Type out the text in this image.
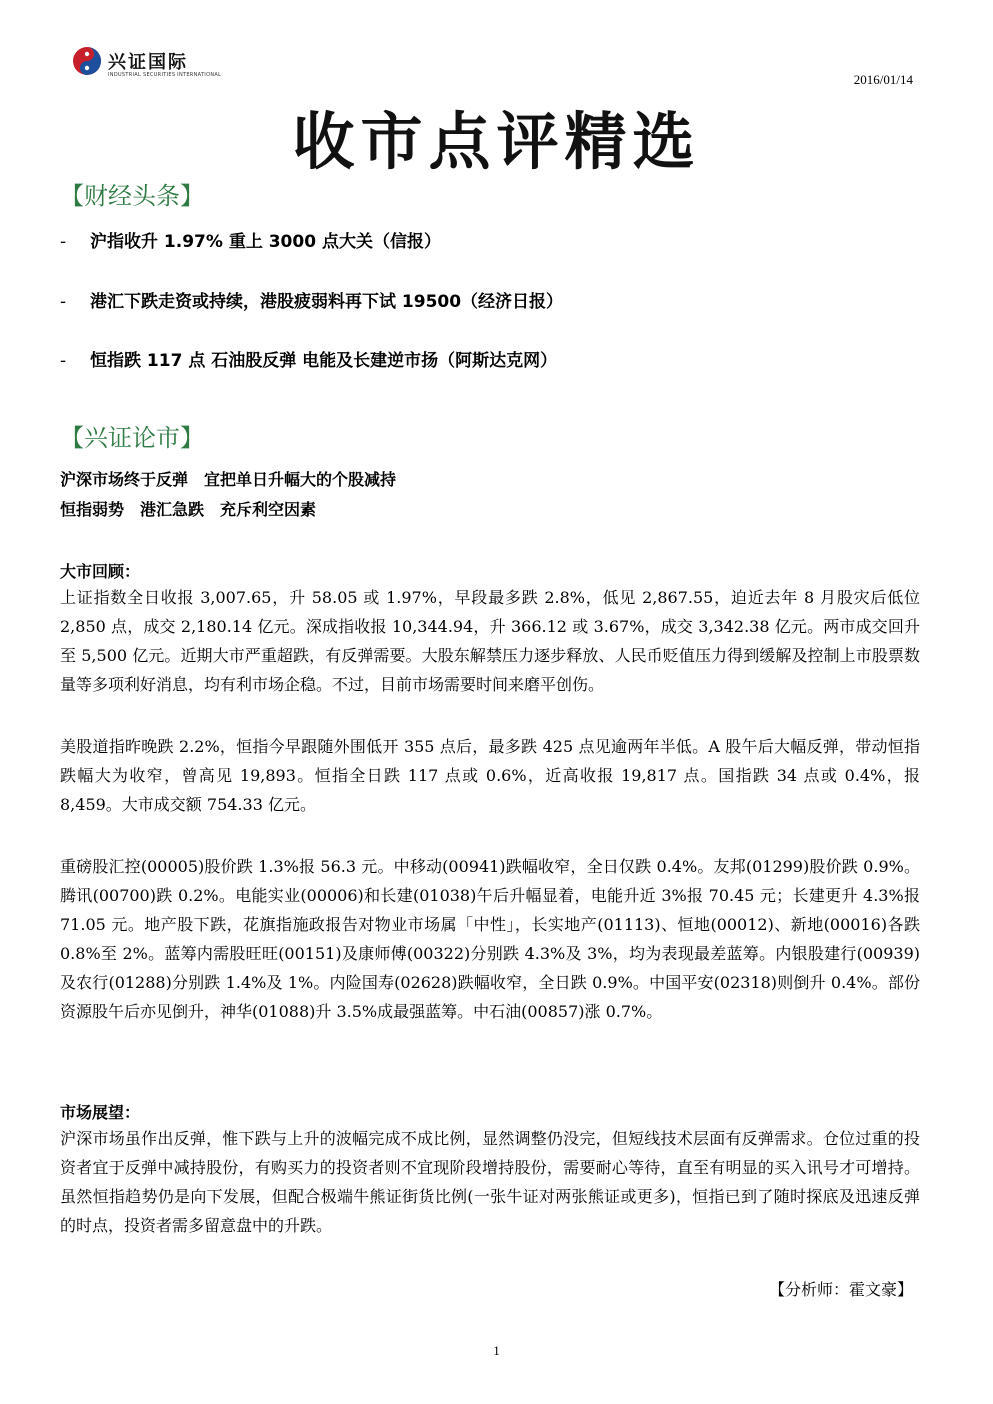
兴证国际
INDUSTRIAL SECURITIES INTERNATIONAL	2016/01/14
收市点评精选
【财经头条】
- 沪指收升 1.97% 重上 3000 点大关（信报）
- 港汇下跌走资或持续，港股疲弱料再下试 19500（经济日报）
- 恒指跌 117 点 石油股反弹 电能及长建逆市扬（阿斯达克网）
【兴证论市】
沪深市场终于反弹　宜把单日升幅大的个股减持
恒指弱势　港汇急跌　充斥利空因素
大市回顾：
上证指数全日收报 3,007.65，升 58.05 或 1.97%，早段最多跌 2.8%，低见 2,867.55，迫近去年 8 月股灾后低位 2,850 点，成交 2,180.14 亿元。深成指收报 10,344.94，升 366.12 或 3.67%，成交 3,342.38 亿元。两市成交回升至 5,500 亿元。近期大市严重超跌，有反弹需要。大股东解禁压力逐步释放、人民币贬值压力得到缓解及控制上市股票数量等多项利好消息，均有利市场企稳。不过，目前市场需要时间来磨平创伤。
美股道指昨晚跌 2.2%，恒指今早跟随外围低开 355 点后，最多跌 425 点见逾两年半低。A 股午后大幅反弹，带动恒指跌幅大为收窄，曾高见 19,893。恒指全日跌 117 点或 0.6%，近高收报 19,817 点。国指跌 34 点或 0.4%，报 8,459。大市成交额 754.33 亿元。
重磅股汇控(00005)股价跌 1.3%报 56.3 元。中移动(00941)跌幅收窄，全日仅跌 0.4%。友邦(01299)股价跌 0.9%。腾讯(00700)跌 0.2%。电能实业(00006)和长建(01038)午后升幅显着，电能升近 3%报 70.45 元；长建更升 4.3%报 71.05 元。地产股下跌，花旗指施政报告对物业市场属「中性」，长实地产(01113)、恒地(00012)、新地(00016)各跌 0.8%至 2%。蓝筹内需股旺旺(00151)及康师傅(00322)分别跌 4.3%及 3%，均为表现最差蓝筹。内银股建行(00939)及农行(01288)分别跌 1.4%及 1%。内险国寿(02628)跌幅收窄，全日跌 0.9%。中国平安(02318)则倒升 0.4%。部份资源股午后亦见倒升，神华(01088)升 3.5%成最强蓝筹。中石油(00857)涨 0.7%。
市场展望：
沪深市场虽作出反弹，惟下跌与上升的波幅完成不成比例，显然调整仍没完，但短线技术层面有反弹需求。仓位过重的投资者宜于反弹中减持股份，有购买力的投资者则不宜现阶段增持股份，需要耐心等待，直至有明显的买入讯号才可增持。虽然恒指趋势仍是向下发展，但配合极端牛熊证街货比例(一张牛证对两张熊证或更多)，恒指已到了随时探底及迅速反弹的时点，投资者需多留意盘中的升跌。
【分析师：霍文豪】
1
